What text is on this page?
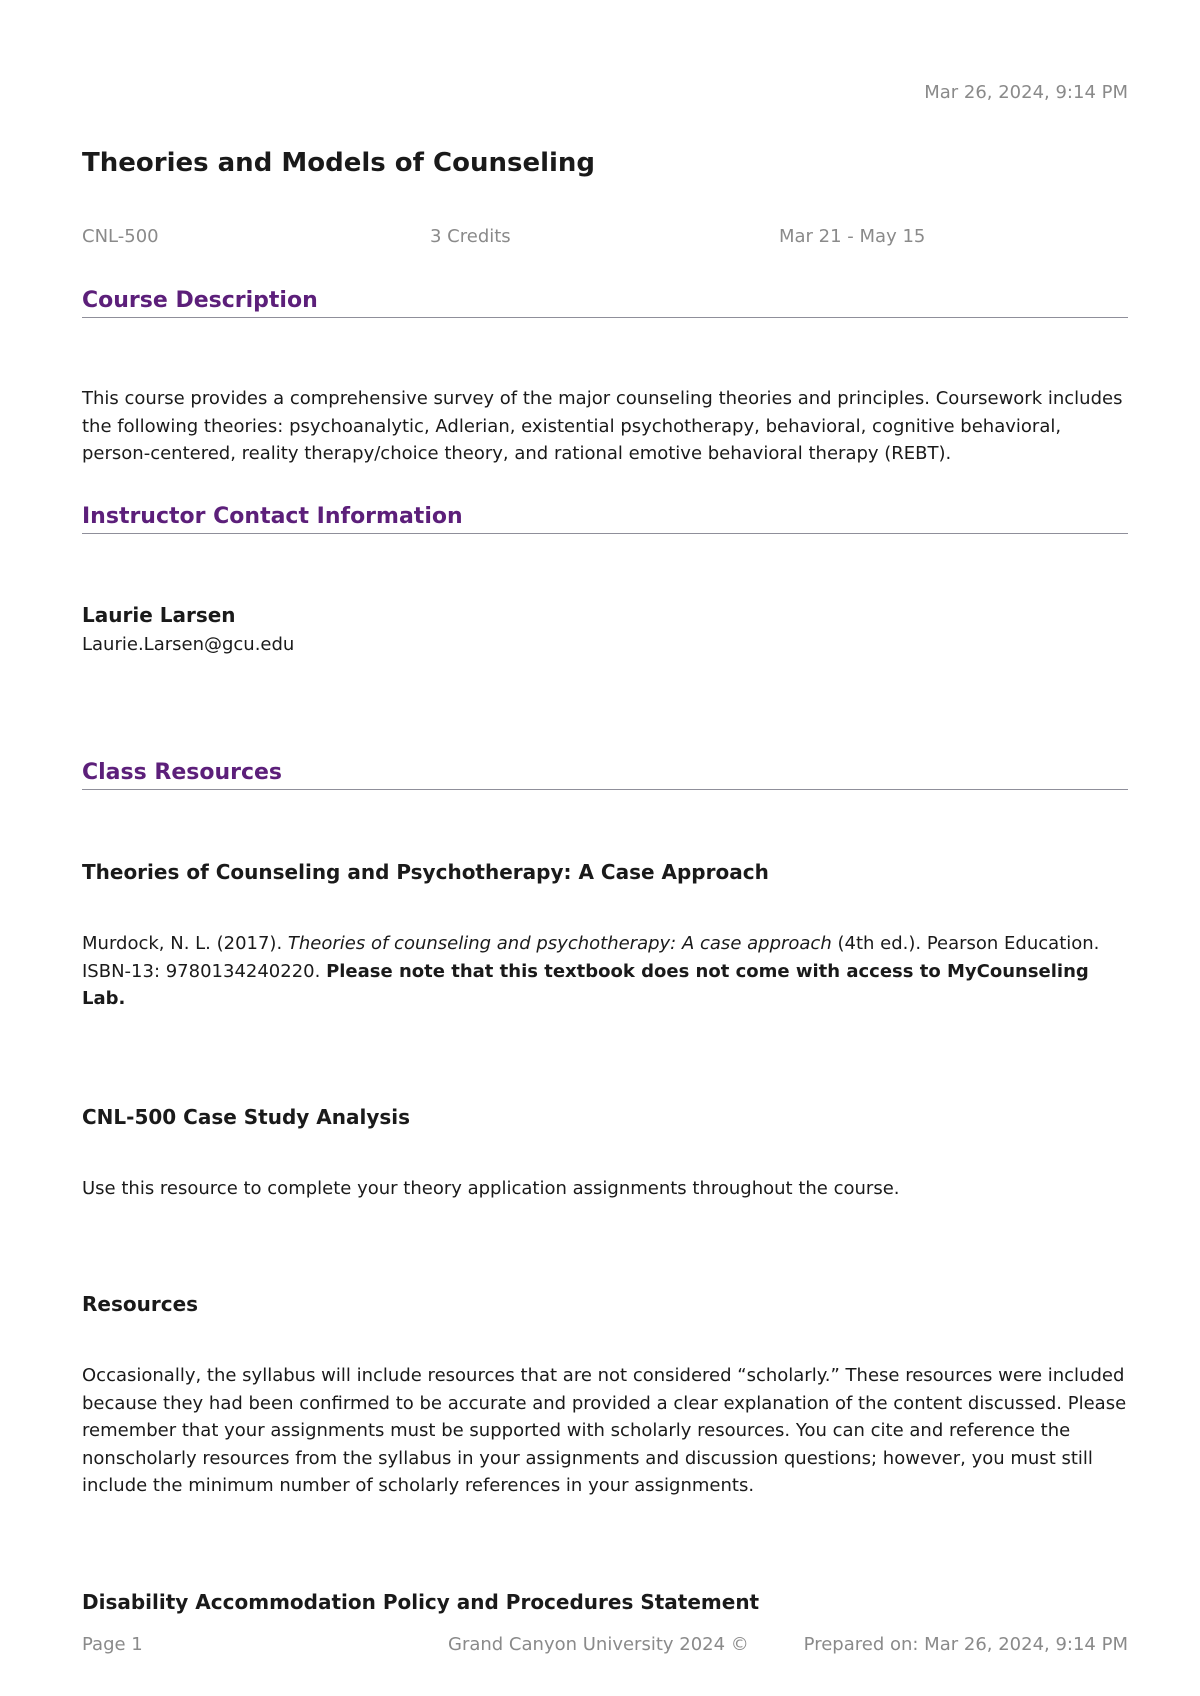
Mar 26, 2024, 9:14 PM
Theories and Models of Counseling
CNL-500	3 Credits	Mar 21 - May 15
Course Description

This course provides a comprehensive survey of the major counseling theories and principles. Coursework includes the following theories: psychoanalytic, Adlerian, existential psychotherapy, behavioral, cognitive behavioral, person-centered, reality therapy/choice theory, and rational emotive behavioral therapy (REBT).

Instructor Contact Information
Laurie Larsen
Laurie.Larsen@gcu.edu
Class Resources
Theories of Counseling and Psychotherapy: A Case Approach

Murdock, N. L. (2017). Theories of counseling and psychotherapy: A case approach (4th ed.). Pearson Education. ISBN-13: 9780134240220. Please note that this textbook does not come with access to MyCounseling Lab.

CNL-500 Case Study Analysis

Use this resource to complete your theory application assignments throughout the course.

Resources

Occasionally, the syllabus will include resources that are not considered “scholarly.” These resources were included because they had been confirmed to be accurate and provided a clear explanation of the content discussed. Please remember that your assignments must be supported with scholarly resources. You can cite and reference the nonscholarly resources from the syllabus in your assignments and discussion questions; however, you must still include the minimum number of scholarly references in your assignments.

Disability Accommodation Policy and Procedures Statement
Page 1	Grand Canyon University 2024 ©	Prepared on: Mar 26, 2024, 9:14 PM
